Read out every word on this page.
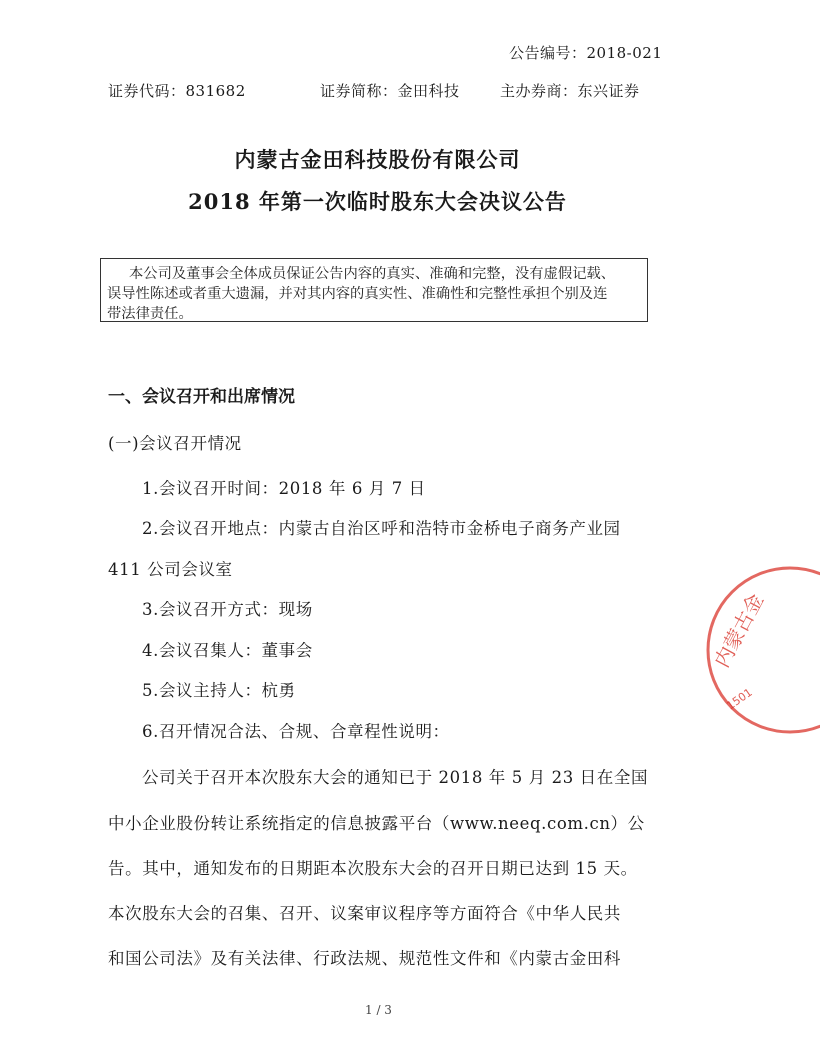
公告编号：2018-021
证券代码：831682	证券简称：金田科技	主办券商：东兴证券
内蒙古金田科技股份有限公司
2018 年第一次临时股东大会决议公告
本公司及董事会全体成员保证公告内容的真实、准确和完整，没有虚假记载、
误导性陈述或者重大遗漏，并对其内容的真实性、准确性和完整性承担个别及连
带法律责任。
一、会议召开和出席情况
(一)会议召开情况
1.会议召开时间：2018 年 6 月 7 日
2.会议召开地点：内蒙古自治区呼和浩特市金桥电子商务产业园
411 公司会议室
3.会议召开方式：现场
4.会议召集人：董事会
5.会议主持人：杭勇
6.召开情况合法、合规、合章程性说明：
公司关于召开本次股东大会的通知已于 2018 年 5 月 23 日在全国
中小企业股份转让系统指定的信息披露平台（www.neeq.com.cn）公
告。其中，通知发布的日期距本次股东大会的召开日期已达到 15 天。
本次股东大会的召集、召开、议案审议程序等方面符合《中华人民共
和国公司法》及有关法律、行政法规、规范性文件和《内蒙古金田科
1 / 3
内蒙古金
1501
